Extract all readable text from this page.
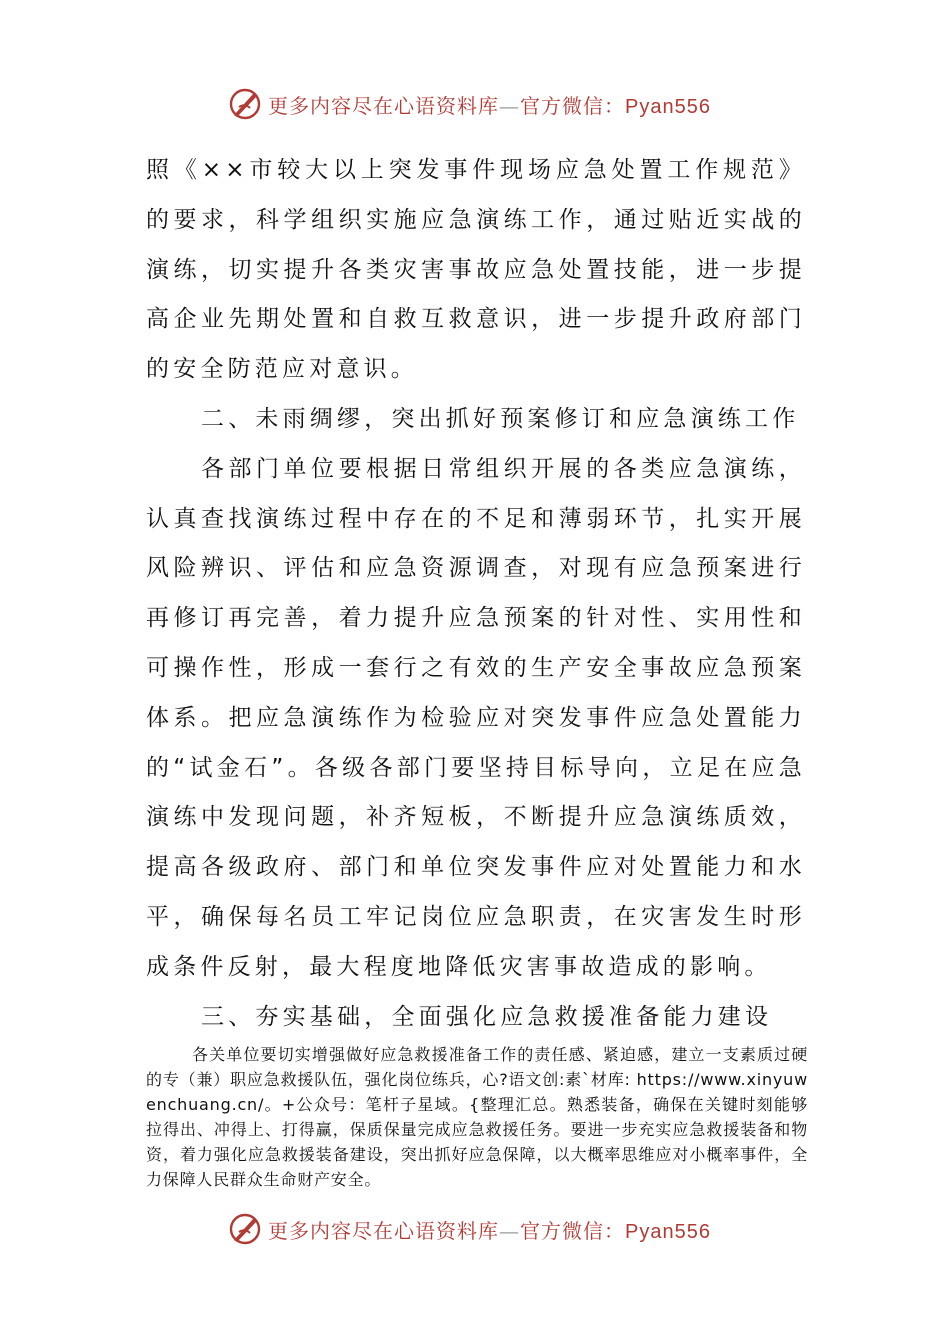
更多内容尽在心语资料库—官方微信：Pyan556

照《××市较大以上突发事件现场应急处置工作规范》的要求，科学组织实施应急演练工作，通过贴近实战的演练，切实提升各类灾害事故应急处置技能，进一步提高企业先期处置和自救互救意识，进一步提升政府部门的安全防范应对意识。

二、未雨绸缪，突出抓好预案修订和应急演练工作

各部门单位要根据日常组织开展的各类应急演练，认真查找演练过程中存在的不足和薄弱环节，扎实开展风险辨识、评估和应急资源调查，对现有应急预案进行再修订再完善，着力提升应急预案的针对性、实用性和可操作性，形成一套行之有效的生产安全事故应急预案体系。把应急演练作为检验应对突发事件应急处置能力的“试金石”。各级各部门要坚持目标导向，立足在应急演练中发现问题，补齐短板，不断提升应急演练质效，提高各级政府、部门和单位突发事件应对处置能力和水平，确保每名员工牢记岗位应急职责，在灾害发生时形成条件反射，最大程度地降低灾害事故造成的影响。

三、夯实基础，全面强化应急救援准备能力建设

各关单位要切实增强做好应急救援准备工作的责任感、紧迫感，建立一支素质过硬的专（兼）职应急救援队伍，强化岗位练兵，心?语文创:素`材库: https://www.xinyuwenchuang.cn/。+公众号：笔杆子星域。{整理汇总。熟悉装备，确保在关键时刻能够拉得出、冲得上、打得赢，保质保量完成应急救援任务。要进一步充实应急救援装备和物资，着力强化应急救援装备建设，突出抓好应急保障，以大概率思维应对小概率事件，全力保障人民群众生命财产安全。

更多内容尽在心语资料库—官方微信：Pyan556
